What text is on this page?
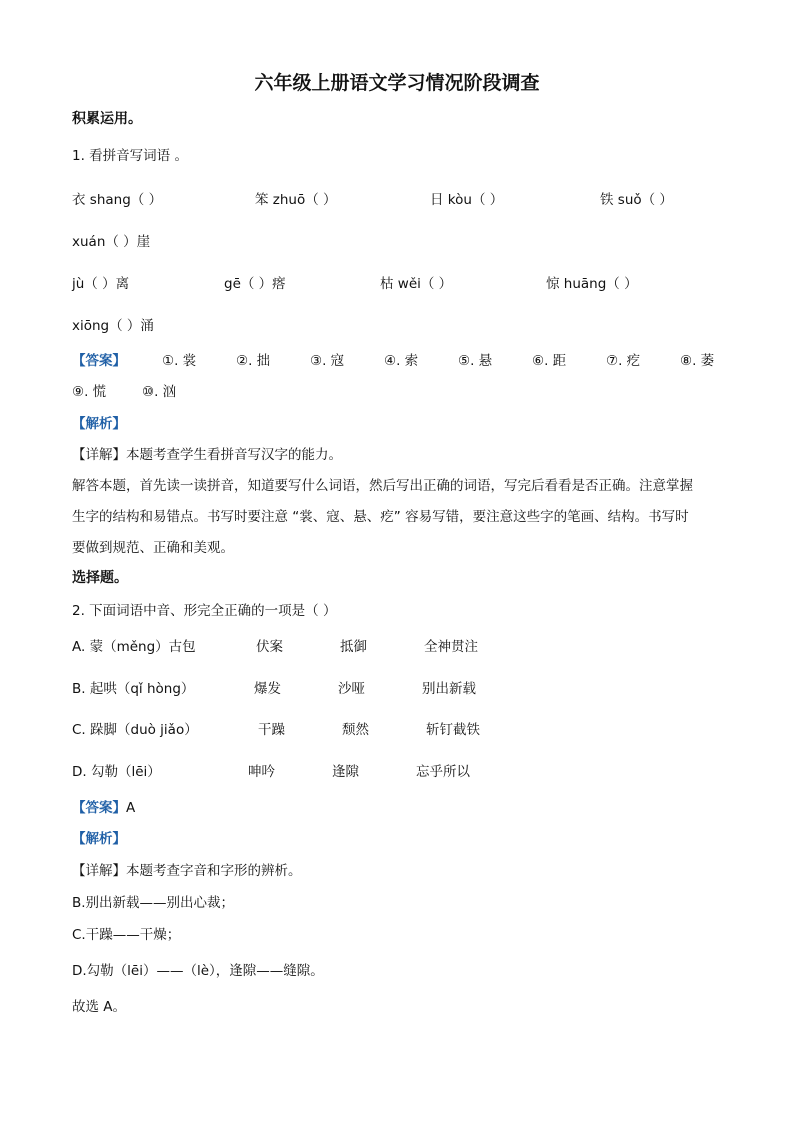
六年级上册语文学习情况阶段调查
积累运用。
1. 看拼音写词语 。
衣 shang（ ）	笨 zhuō（ ）	日 kòu（ ）	铁 suǒ（ ）
xuán（ ）崖
jù（ ）离	gē（ ）瘩	枯 wěi（ ）	惊 huāng（ ）
xiōng（ ）涌
【答案】	①. 裳	②. 拙	③. 寇	④. 索	⑤. 悬	⑥. 距	⑦. 疙	⑧. 萎
⑨. 慌	⑩. 汹
【解析】
【详解】本题考查学生看拼音写汉字的能力。
解答本题，首先读一读拼音，知道要写什么词语，然后写出正确的词语，写完后看看是否正确。注意掌握
生字的结构和易错点。书写时要注意 “裳、寇、悬、疙” 容易写错，要注意这些字的笔画、结构。书写时
要做到规范、正确和美观。
选择题。
2. 下面词语中音、形完全正确的一项是（ ）
A. 蒙（měng）古包	伏案	抵御	全神贯注
B. 起哄（qǐ hòng）	爆发	沙哑	别出新载
C. 跺脚（duò jiǎo）	干躁	颓然	斩钉截铁
D. 勾勒（lēi）	呻吟	逢隙	忘乎所以
【答案】A
【解析】
【详解】本题考查字音和字形的辨析。
B.别出新载——别出心裁；
C.干躁——干燥；
D.勾勒（lēi）——（lè），逢隙——缝隙。
故选 A。
